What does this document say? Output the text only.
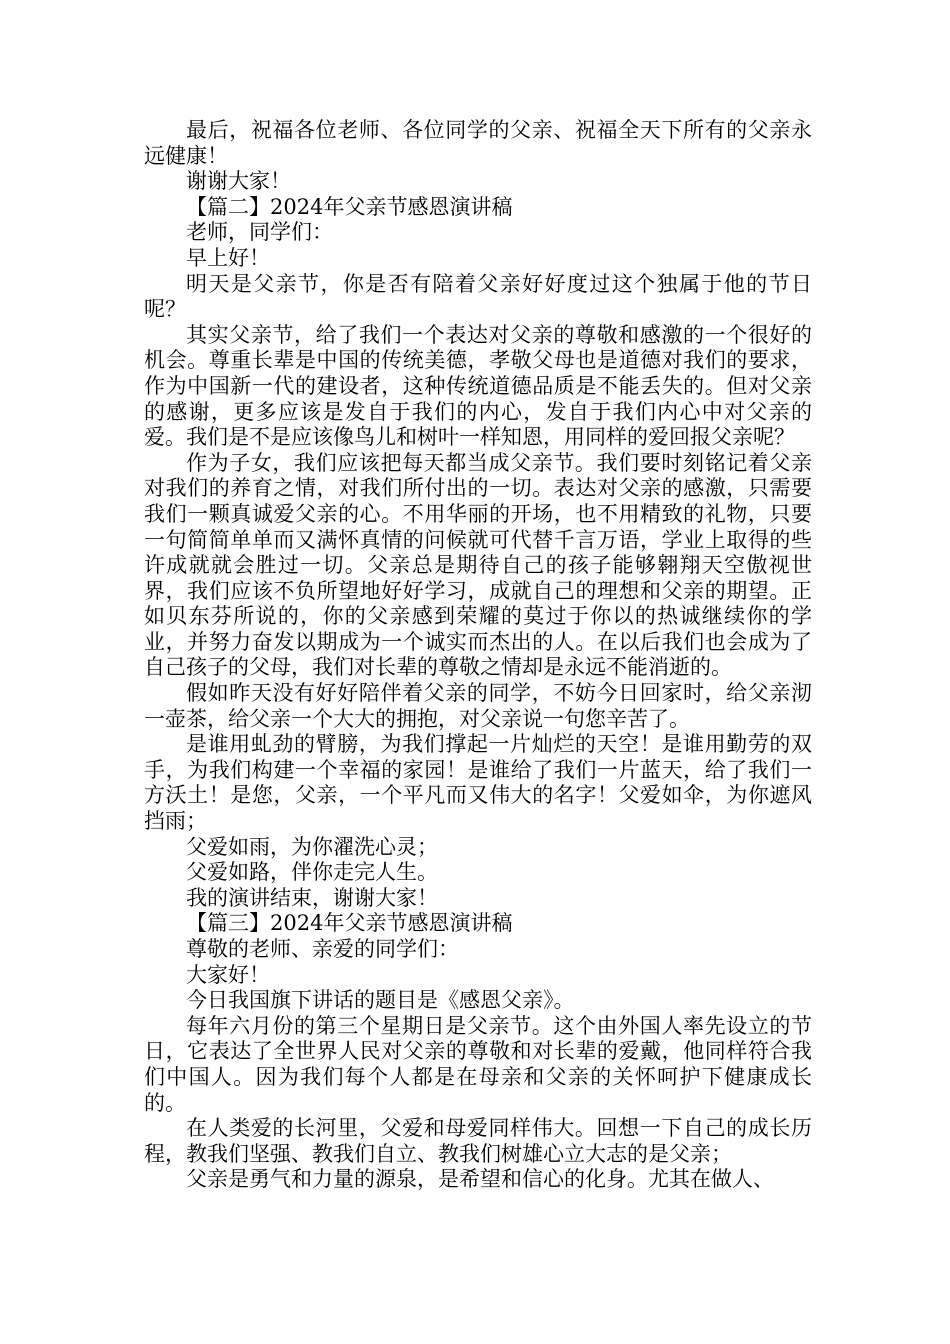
最后，祝福各位老师、各位同学的父亲、祝福全天下所有的父亲永远健康！

谢谢大家！

【篇二】2024年父亲节感恩演讲稿

老师，同学们：

早上好！

明天是父亲节，你是否有陪着父亲好好度过这个独属于他的节日呢？

其实父亲节，给了我们一个表达对父亲的尊敬和感激的一个很好的机会。尊重长辈是中国的传统美德，孝敬父母也是道德对我们的要求，作为中国新一代的建设者，这种传统道德品质是不能丢失的。但对父亲的感谢，更多应该是发自于我们的内心，发自于我们内心中对父亲的爱。我们是不是应该像鸟儿和树叶一样知恩，用同样的爱回报父亲呢？

作为子女，我们应该把每天都当成父亲节。我们要时刻铭记着父亲对我们的养育之情，对我们所付出的一切。表达对父亲的感激，只需要我们一颗真诚爱父亲的心。不用华丽的开场，也不用精致的礼物，只要一句简简单单而又满怀真情的问候就可代替千言万语，学业上取得的些许成就就会胜过一切。父亲总是期待自己的孩子能够翱翔天空傲视世界，我们应该不负所望地好好学习，成就自己的理想和父亲的期望。正如贝东芬所说的，你的父亲感到荣耀的莫过于你以的热诚继续你的学业，并努力奋发以期成为一个诚实而杰出的人。在以后我们也会成为了自己孩子的父母，我们对长辈的尊敬之情却是永远不能消逝的。

假如昨天没有好好陪伴着父亲的同学，不妨今日回家时，给父亲沏一壶茶，给父亲一个大大的拥抱，对父亲说一句您辛苦了。

是谁用虬劲的臂膀，为我们撑起一片灿烂的天空！是谁用勤劳的双手，为我们构建一个幸福的家园！是谁给了我们一片蓝天，给了我们一方沃土！是您，父亲，一个平凡而又伟大的名字！父爱如伞，为你遮风挡雨；

父爱如雨，为你濯洗心灵；

父爱如路，伴你走完人生。

我的演讲结束，谢谢大家！

【篇三】2024年父亲节感恩演讲稿

尊敬的老师、亲爱的同学们：

大家好！

今日我国旗下讲话的题目是《感恩父亲》。

每年六月份的第三个星期日是父亲节。这个由外国人率先设立的节日，它表达了全世界人民对父亲的尊敬和对长辈的爱戴，他同样符合我们中国人。因为我们每个人都是在母亲和父亲的关怀呵护下健康成长的。

在人类爱的长河里，父爱和母爱同样伟大。回想一下自己的成长历程，教我们坚强、教我们自立、教我们树雄心立大志的是父亲；

父亲是勇气和力量的源泉，是希望和信心的化身。尤其在做人、
